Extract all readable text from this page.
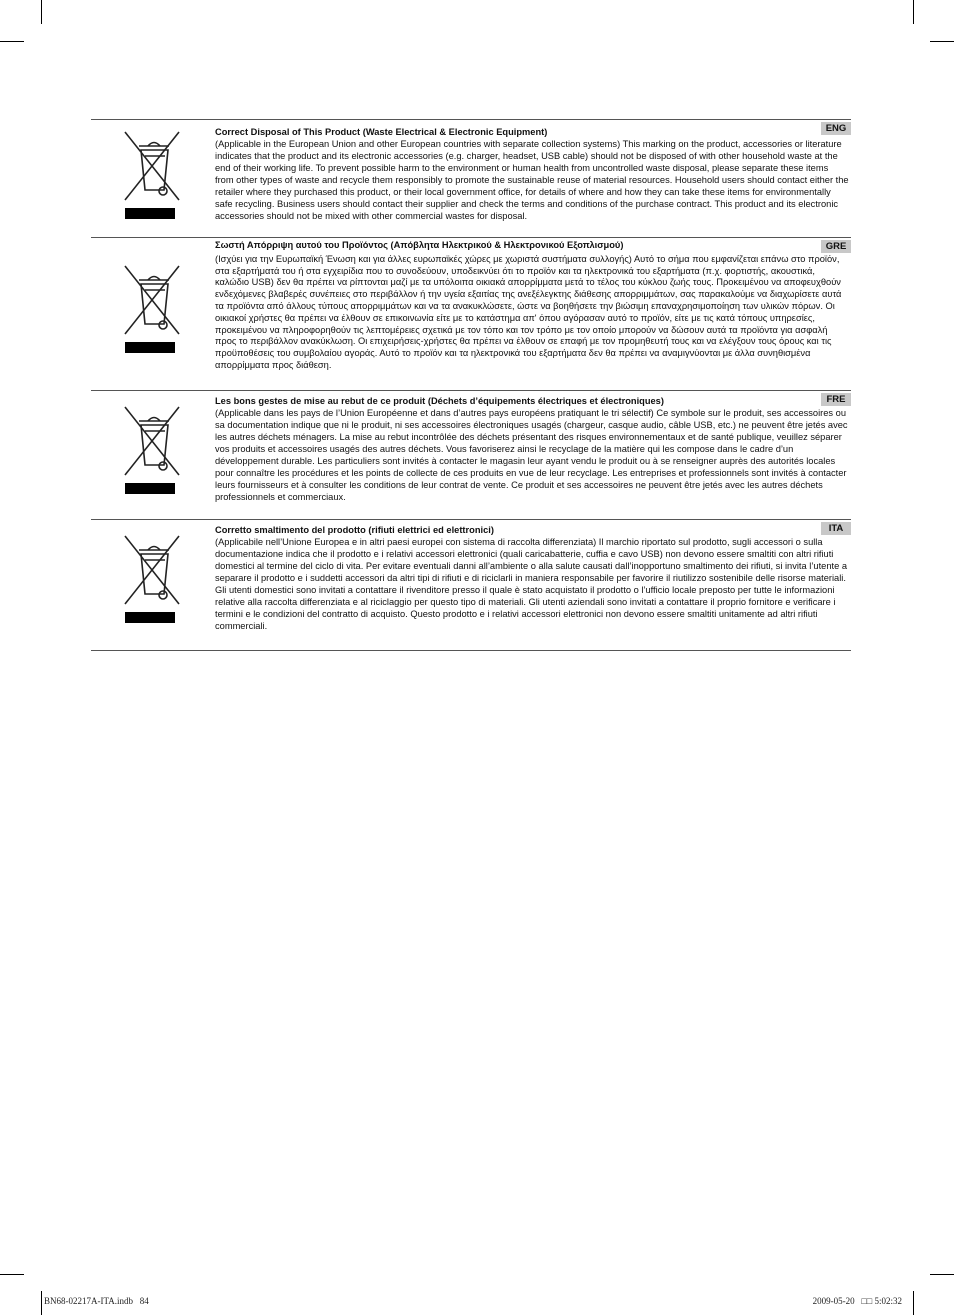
Correct Disposal of This Product (Waste Electrical & Electronic Equipment)
(Applicable in the European Union and other European countries with separate collection systems) This marking on the product, accessories or literature indicates that the product and its electronic accessories (e.g. charger, headset, USB cable) should not be disposed of with other household waste at the end of their working life. To prevent possible harm to the environment or human health from uncontrolled waste disposal, please separate these items from other types of waste and recycle them responsibly to promote the sustainable reuse of material resources. Household users should contact either the retailer where they purchased this product, or their local government office, for details of where and how they can take these items for environmentally safe recycling. Business users should contact their supplier and check the terms and conditions of the purchase contract. This product and its electronic accessories should not be mixed with other commercial wastes for disposal.
ENG
Σωστή Απόρριψη αυτού του Προϊόντος (Απόβλητα Ηλεκτρικού & Ηλεκτρονικού Εξοπλισμού)
(Ισχύει για την Ευρωπαϊκή Ένωση και για άλλες ευρωπαϊκές χώρες με χωριστά συστήματα συλλογής) Αυτό το σήμα που εμφανίζεται επάνω στο προϊόν, στα εξαρτήματά του ή στα εγχειρίδια που το συνοδεύουν, υποδεικνύει ότι το προϊόν και τα ηλεκτρονικά του εξαρτήματα (π.χ. φορτιστής, ακουστικά, καλώδιο USB) δεν θα πρέπει να ρίπτονται μαζί με τα υπόλοιπα οικιακά απορρίμματα μετά το τέλος του κύκλου ζωής τους. Προκειμένου να αποφευχθούν ενδεχόμενες βλαβερές συνέπειες στο περιβάλλον ή την υγεία εξαιτίας της ανεξέλεγκτης διάθεσης απορριμμάτων, σας παρακαλούμε να διαχωρίσετε αυτά τα προϊόντα από άλλους τύπους απορριμμάτων και να τα ανακυκλώσετε, ώστε να βοηθήσετε την βιώσιμη επαναχρησιμοποίηση των υλικών πόρων. Οι οικιακοί χρήστες θα πρέπει να έλθουν σε επικοινωνία είτε με το κατάστημα απ' όπου αγόρασαν αυτό το προϊόν, είτε με τις κατά τόπους υπηρεσίες, προκειμένου να πληροφορηθούν τις λεπτομέρειες σχετικά με τον τόπο και τον τρόπο με τον οποίο μπορούν να δώσουν αυτά τα προϊόντα για ασφαλή προς το περιβάλλον ανακύκλωση. Οι επιχειρήσεις-χρήστες θα πρέπει να έλθουν σε επαφή με τον προμηθευτή τους και να ελέγξουν τους όρους και τις προϋποθέσεις του συμβολαίου αγοράς. Αυτό το προϊόν και τα ηλεκτρονικά του εξαρτήματα δεν θα πρέπει να αναμιγνύονται με άλλα συνηθισμένα απορρίμματα προς διάθεση.
GRE
Les bons gestes de mise au rebut de ce produit (Déchets d’équipements électriques et électroniques)
(Applicable dans les pays de l’Union Européenne et dans d’autres pays européens pratiquant le tri sélectif) Ce symbole sur le produit, ses accessoires ou sa documentation indique que ni le produit, ni ses accessoires électroniques usagés (chargeur, casque audio, câble USB, etc.) ne peuvent être jetés avec les autres déchets ménagers. La mise au rebut incontrôlée des déchets présentant des risques environnementaux et de santé publique, veuillez séparer vos produits et accessoires usagés des autres déchets. Vous favoriserez ainsi le recyclage de la matière qui les compose dans le cadre d’un développement durable. Les particuliers sont invités à contacter le magasin leur ayant vendu le produit ou à se renseigner auprès des autorités locales pour connaître les procédures et les points de collecte de ces produits en vue de leur recyclage. Les entreprises et professionnels sont invités à contacter leurs fournisseurs et à consulter les conditions de leur contrat de vente. Ce produit et ses accessoires ne peuvent être jetés avec les autres déchets professionnels et commerciaux.
FRE
Corretto smaltimento del prodotto (rifiuti elettrici ed elettronici)
(Applicabile nell’Unione Europea e in altri paesi europei con sistema di raccolta differenziata) Il marchio riportato sul prodotto, sugli accessori o sulla documentazione indica che il prodotto e i relativi accessori elettronici (quali caricabatterie, cuffia e cavo USB) non devono essere smaltiti con altri rifiuti domestici al termine del ciclo di vita. Per evitare eventuali danni all’ambiente o alla salute causati dall’inopportuno smaltimento dei rifiuti, si invita l’utente a separare il prodotto e i suddetti accessori da altri tipi di rifiuti e di riciclarli in maniera responsabile per favorire il riutilizzo sostenibile delle risorse materiali. Gli utenti domestici sono invitati a contattare il rivenditore presso il quale è stato acquistato il prodotto o l’ufficio locale preposto per tutte le informazioni relative alla raccolta differenziata e al riciclaggio per questo tipo di materiali. Gli utenti aziendali sono invitati a contattare il proprio fornitore e verificare i termini e le condizioni del contratto di acquisto. Questo prodotto e i relativi accessori elettronici non devono essere smaltiti unitamente ad altri rifiuti commerciali.
ITA
BN68-02217A-ITA.indb   84	2009-05-20   □□ 5:02:32
